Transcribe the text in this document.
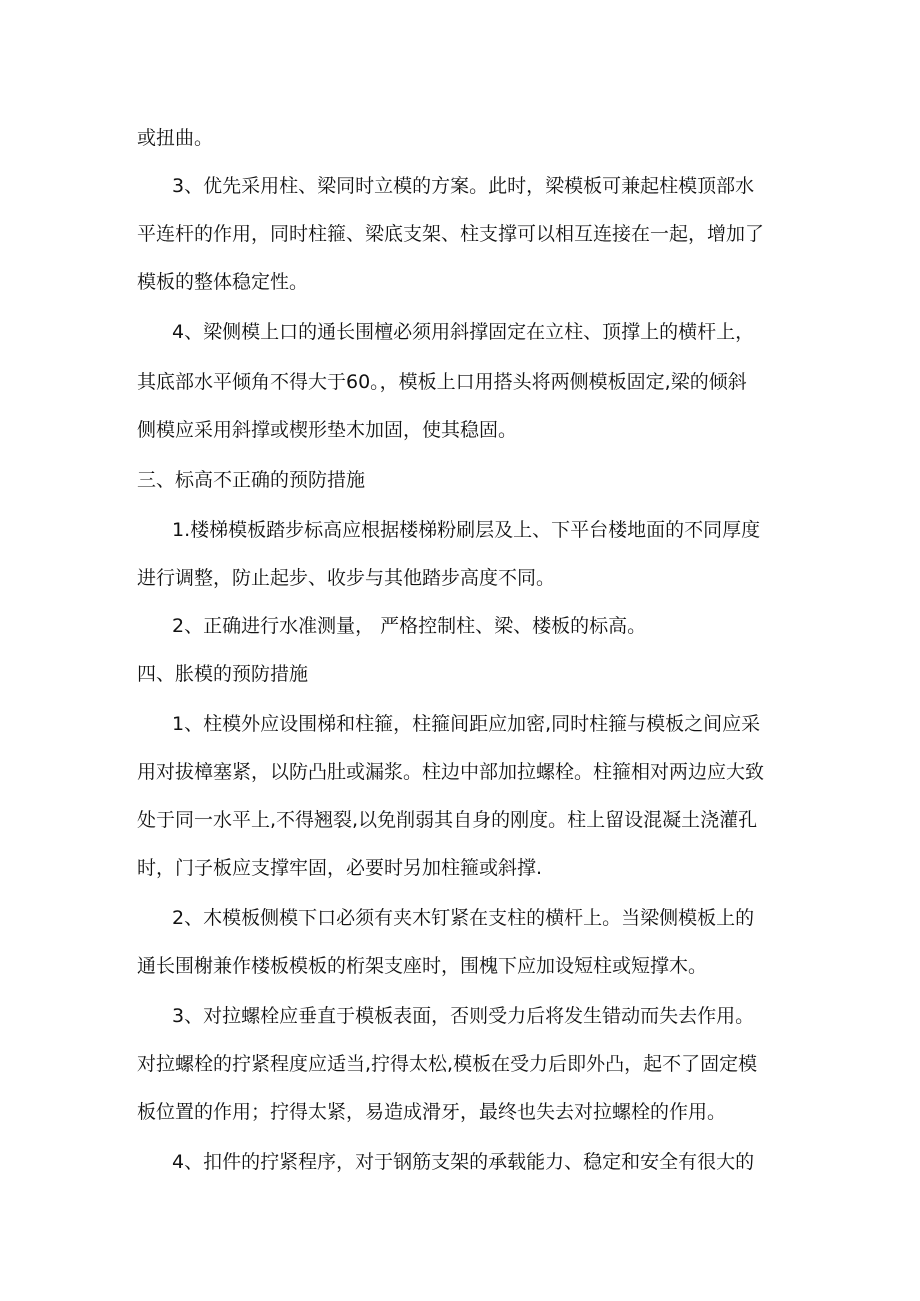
或扭曲。
3、优先采用柱、梁同时立模的方案。此时，梁模板可兼起柱模顶部水
平连杆的作用，同时柱箍、梁底支架、柱支撑可以相互连接在一起，增加了
模板的整体稳定性。
4、梁侧模上口的通长围檀必须用斜撑固定在立柱、顶撑上的横杆上，
其底部水平倾角不得大于60。，模板上口用搭头将两侧模板固定,梁的倾斜
侧模应采用斜撑或楔形垫木加固，使其稳固。
三、标高不正确的预防措施
1.楼梯模板踏步标高应根据楼梯粉刷层及上、下平台楼地面的不同厚度
进行调整，防止起步、收步与其他踏步高度不同。
2、正确进行水准测量， 严格控制柱、梁、楼板的标高。
四、胀模的预防措施
1、柱模外应设围梯和柱箍，柱箍间距应加密,同时柱箍与模板之间应采
用对拔樟塞紧，以防凸肚或漏浆。柱边中部加拉螺栓。柱箍相对两边应大致
处于同一水平上,不得翘裂,以免削弱其自身的刚度。柱上留设混凝土浇灌孔
时，门子板应支撑牢固，必要时另加柱箍或斜撑.
2、木模板侧模下口必须有夹木钉紧在支柱的横杆上。当梁侧模板上的
通长围榭兼作楼板模板的桁架支座时，围槐下应加设短柱或短撑木。
3、对拉螺栓应垂直于模板表面，否则受力后将发生错动而失去作用。
对拉螺栓的拧紧程度应适当,拧得太松,模板在受力后即外凸，起不了固定模
板位置的作用；拧得太紧，易造成滑牙，最终也失去对拉螺栓的作用。
4、扣件的拧紧程序，对于钢筋支架的承载能力、稳定和安全有很大的
